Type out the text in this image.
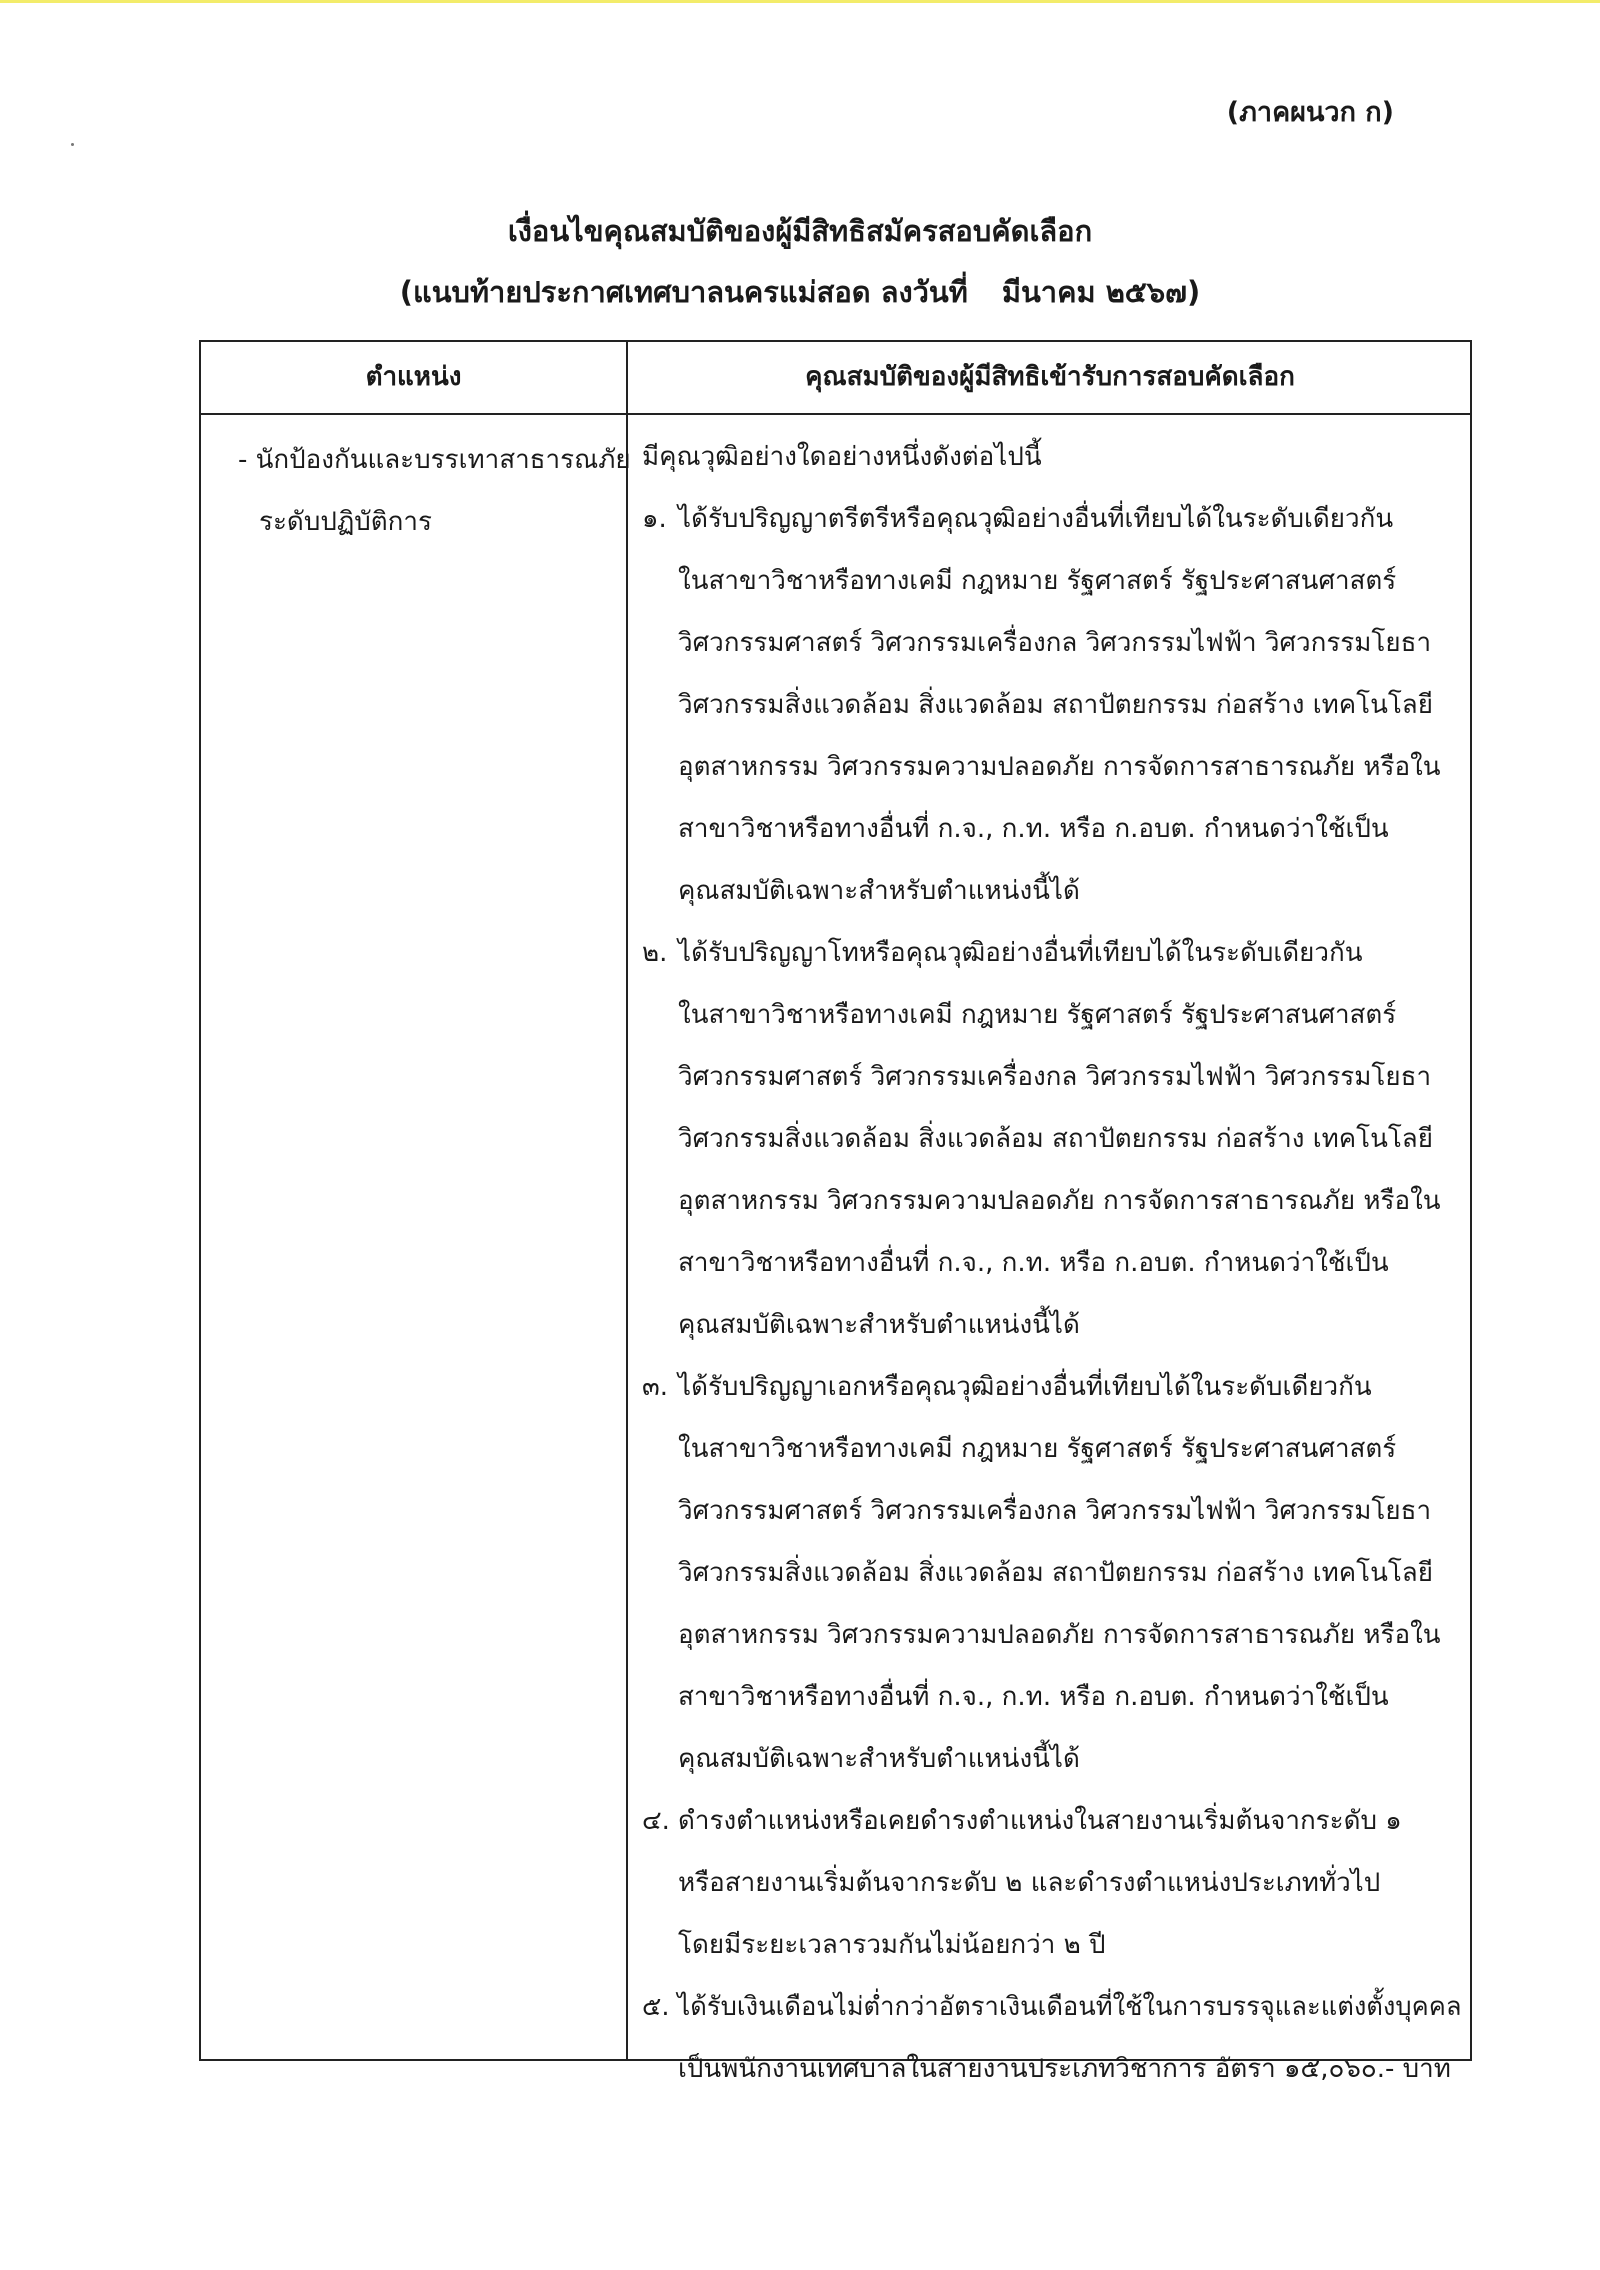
(ภาคผนวก ก)
เงื่อนไขคุณสมบัติของผู้มีสิทธิสมัครสอบคัดเลือก
(แนบท้ายประกาศเทศบาลนครแม่สอด ลงวันที่ มีนาคม ๒๕๖๗)
ตำแหน่ง	คุณสมบัติของผู้มีสิทธิเข้ารับการสอบคัดเลือก
- นักป้องกันและบรรเทาสาธารณภัย
ระดับปฏิบัติการ
มีคุณวุฒิอย่างใดอย่างหนึ่งดังต่อไปนี้
๑. ได้รับปริญญาตรีตรีหรือคุณวุฒิอย่างอื่นที่เทียบได้ในระดับเดียวกัน
ในสาขาวิชาหรือทางเคมี กฎหมาย รัฐศาสตร์ รัฐประศาสนศาสตร์
วิศวกรรมศาสตร์ วิศวกรรมเครื่องกล วิศวกรรมไฟฟ้า วิศวกรรมโยธา
วิศวกรรมสิ่งแวดล้อม สิ่งแวดล้อม สถาปัตยกรรม ก่อสร้าง เทคโนโลยี
อุตสาหกรรม วิศวกรรมความปลอดภัย การจัดการสาธารณภัย หรือใน
สาขาวิชาหรือทางอื่นที่ ก.จ., ก.ท. หรือ ก.อบต. กำหนดว่าใช้เป็น
คุณสมบัติเฉพาะสำหรับตำแหน่งนี้ได้
๒. ได้รับปริญญาโทหรือคุณวุฒิอย่างอื่นที่เทียบได้ในระดับเดียวกัน
ในสาขาวิชาหรือทางเคมี กฎหมาย รัฐศาสตร์ รัฐประศาสนศาสตร์
วิศวกรรมศาสตร์ วิศวกรรมเครื่องกล วิศวกรรมไฟฟ้า วิศวกรรมโยธา
วิศวกรรมสิ่งแวดล้อม สิ่งแวดล้อม สถาปัตยกรรม ก่อสร้าง เทคโนโลยี
อุตสาหกรรม วิศวกรรมความปลอดภัย การจัดการสาธารณภัย หรือใน
สาขาวิชาหรือทางอื่นที่ ก.จ., ก.ท. หรือ ก.อบต. กำหนดว่าใช้เป็น
คุณสมบัติเฉพาะสำหรับตำแหน่งนี้ได้
๓. ได้รับปริญญาเอกหรือคุณวุฒิอย่างอื่นที่เทียบได้ในระดับเดียวกัน
ในสาขาวิชาหรือทางเคมี กฎหมาย รัฐศาสตร์ รัฐประศาสนศาสตร์
วิศวกรรมศาสตร์ วิศวกรรมเครื่องกล วิศวกรรมไฟฟ้า วิศวกรรมโยธา
วิศวกรรมสิ่งแวดล้อม สิ่งแวดล้อม สถาปัตยกรรม ก่อสร้าง เทคโนโลยี
อุตสาหกรรม วิศวกรรมความปลอดภัย การจัดการสาธารณภัย หรือใน
สาขาวิชาหรือทางอื่นที่ ก.จ., ก.ท. หรือ ก.อบต. กำหนดว่าใช้เป็น
คุณสมบัติเฉพาะสำหรับตำแหน่งนี้ได้
๔. ดำรงตำแหน่งหรือเคยดำรงตำแหน่งในสายงานเริ่มต้นจากระดับ ๑
หรือสายงานเริ่มต้นจากระดับ ๒ และดำรงตำแหน่งประเภททั่วไป
โดยมีระยะเวลารวมกันไม่น้อยกว่า ๒ ปี
๕. ได้รับเงินเดือนไม่ต่ำกว่าอัตราเงินเดือนที่ใช้ในการบรรจุและแต่งตั้งบุคคล
เป็นพนักงานเทศบาลในสายงานประเภทวิชาการ อัตรา ๑๕,๐๖๐.- บาท
